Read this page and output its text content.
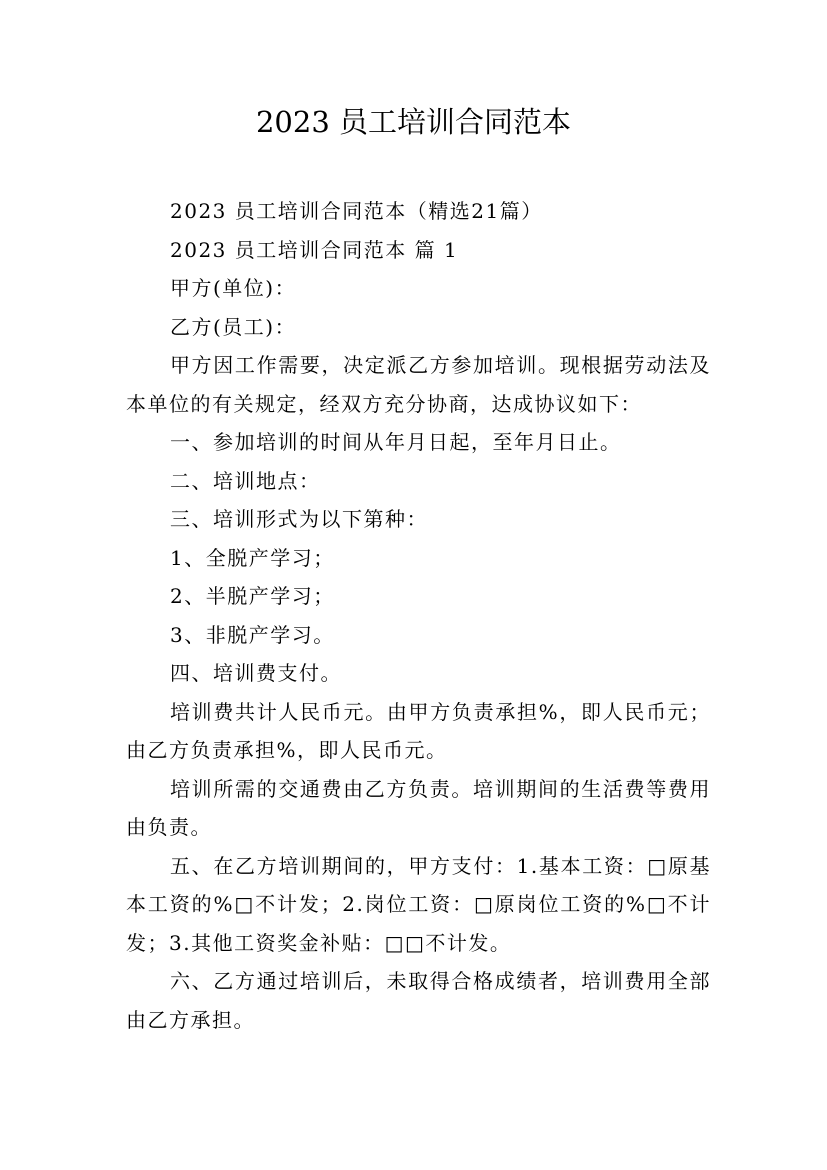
2023 员工培训合同范本

2023 员工培训合同范本（精选21篇）

2023 员工培训合同范本 篇 1

甲方(单位)：

乙方(员工)：

甲方因工作需要，决定派乙方参加培训。现根据劳动法及本单位的有关规定，经双方充分协商，达成协议如下：

一、参加培训的时间从年月日起，至年月日止。

二、培训地点：

三、培训形式为以下第种：

1、全脱产学习；

2、半脱产学习；

3、非脱产学习。

四、培训费支付。

培训费共计人民币元。由甲方负责承担%，即人民币元；由乙方负责承担%，即人民币元。

培训所需的交通费由乙方负责。培训期间的生活费等费用由负责。

五、在乙方培训期间的，甲方支付：1.基本工资：□原基本工资的%□不计发；2.岗位工资：□原岗位工资的%□不计发；3.其他工资奖金补贴：□□不计发。

六、乙方通过培训后，未取得合格成绩者，培训费用全部由乙方承担。
